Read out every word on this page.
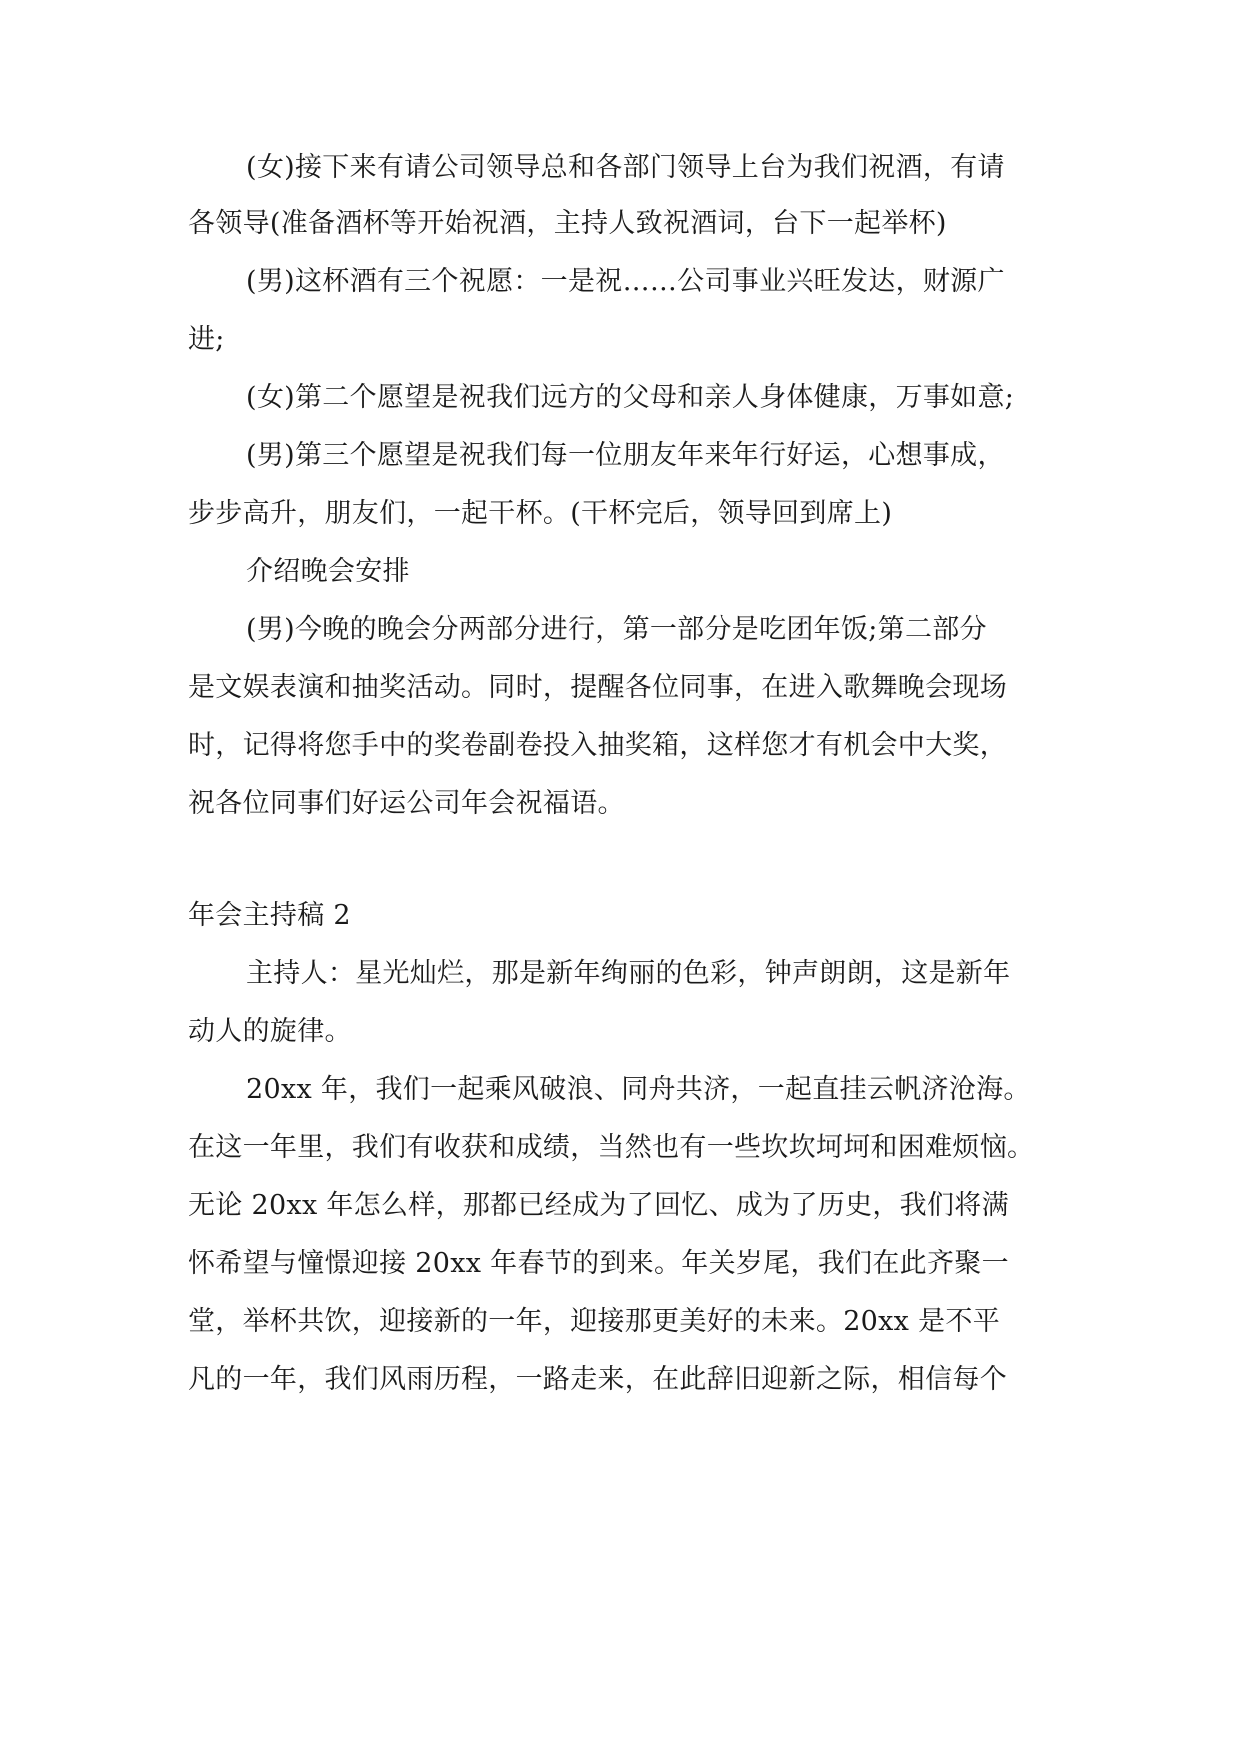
(女)接下来有请公司领导总和各部门领导上台为我们祝酒，有请
各领导(准备酒杯等开始祝酒，主持人致祝酒词，台下一起举杯)
(男)这杯酒有三个祝愿：一是祝……公司事业兴旺发达，财源广
进;
(女)第二个愿望是祝我们远方的父母和亲人身体健康，万事如意;
(男)第三个愿望是祝我们每一位朋友年来年行好运，心想事成，
步步高升，朋友们，一起干杯。(干杯完后，领导回到席上)
介绍晚会安排
(男)今晚的晚会分两部分进行，第一部分是吃团年饭;第二部分
是文娱表演和抽奖活动。同时，提醒各位同事，在进入歌舞晚会现场
时，记得将您手中的奖卷副卷投入抽奖箱，这样您才有机会中大奖，
祝各位同事们好运公司年会祝福语。
年会主持稿 2
主持人：星光灿烂，那是新年绚丽的色彩，钟声朗朗，这是新年
动人的旋律。
20xx 年，我们一起乘风破浪、同舟共济，一起直挂云帆济沧海。
在这一年里，我们有收获和成绩，当然也有一些坎坎坷坷和困难烦恼。
无论 20xx 年怎么样，那都已经成为了回忆、成为了历史，我们将满
怀希望与憧憬迎接 20xx 年春节的到来。年关岁尾，我们在此齐聚一
堂，举杯共饮，迎接新的一年，迎接那更美好的未来。20xx 是不平
凡的一年，我们风雨历程，一路走来，在此辞旧迎新之际，相信每个
